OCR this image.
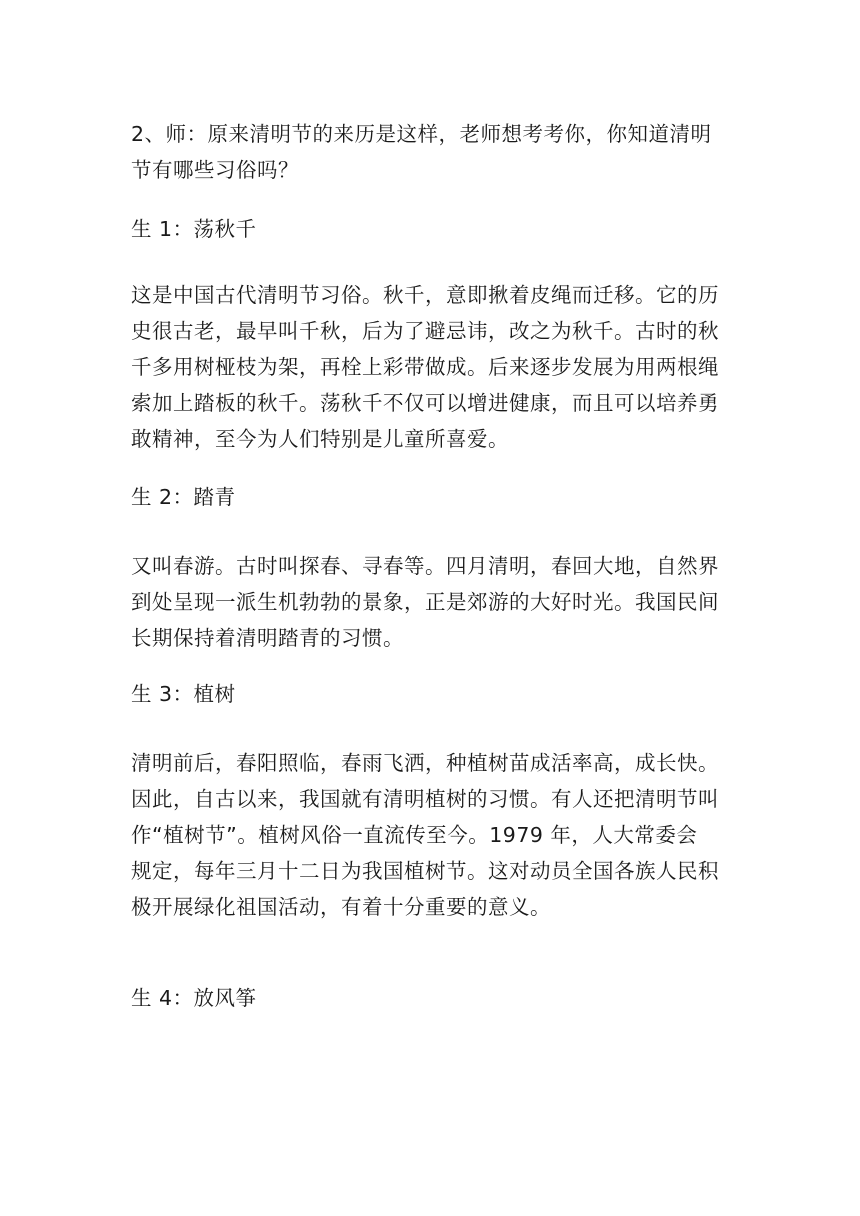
2、师：原来清明节的来历是这样，老师想考考你，你知道清明
节有哪些习俗吗？

生 1：荡秋千

这是中国古代清明节习俗。秋千，意即揪着皮绳而迁移。它的历
史很古老，最早叫千秋，后为了避忌讳，改之为秋千。古时的秋
千多用树桠枝为架，再栓上彩带做成。后来逐步发展为用两根绳
索加上踏板的秋千。荡秋千不仅可以增进健康，而且可以培养勇
敢精神，至今为人们特别是儿童所喜爱。

生 2：踏青

又叫春游。古时叫探春、寻春等。四月清明，春回大地，自然界
到处呈现一派生机勃勃的景象，正是郊游的大好时光。我国民间
长期保持着清明踏青的习惯。

生 3：植树

清明前后，春阳照临，春雨飞洒，种植树苗成活率高，成长快。
因此，自古以来，我国就有清明植树的习惯。有人还把清明节叫
作“植树节”。植树风俗一直流传至今。1979 年，人大常委会
规定，每年三月十二日为我国植树节。这对动员全国各族人民积
极开展绿化祖国活动，有着十分重要的意义。

生 4：放风筝
